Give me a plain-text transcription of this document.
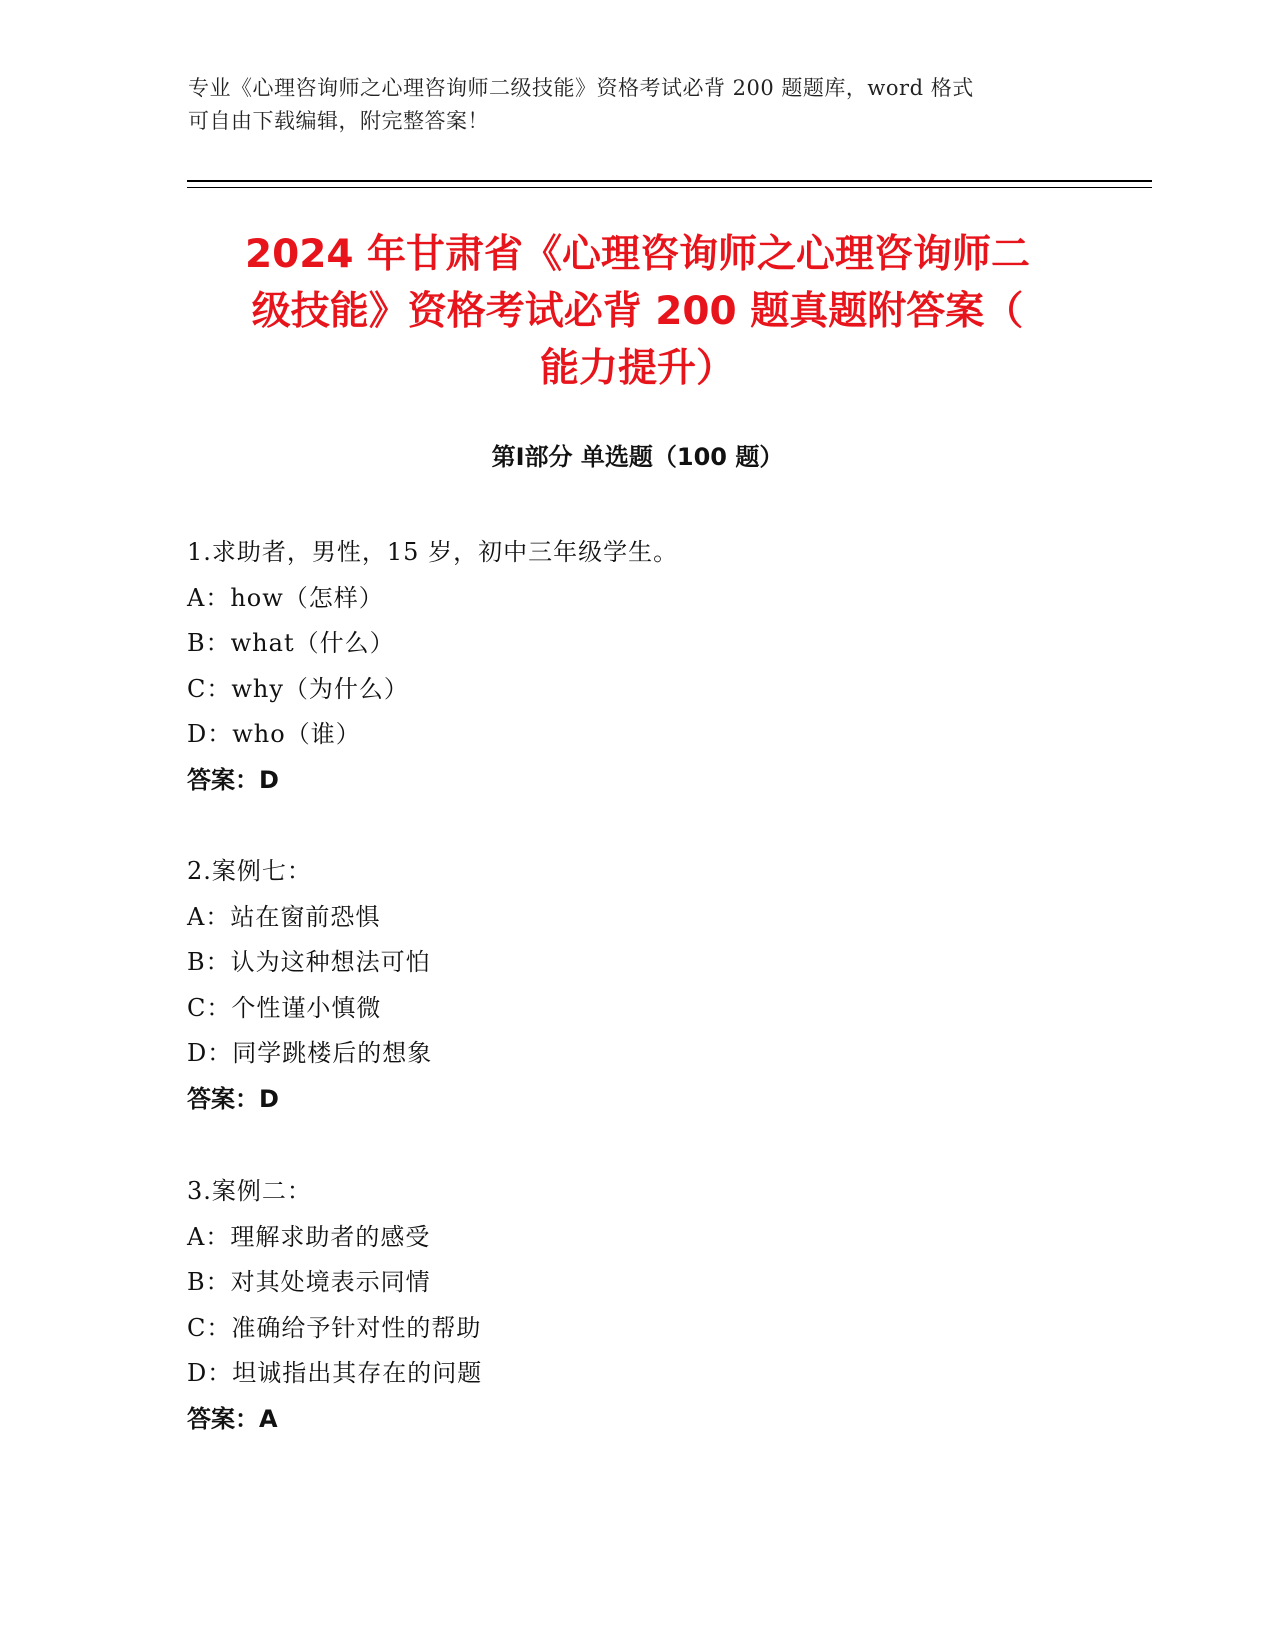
专业《心理咨询师之心理咨询师二级技能》资格考试必背 200 题题库，word 格式
可自由下载编辑，附完整答案！
2024 年甘肃省《心理咨询师之心理咨询师二
级技能》资格考试必背 200 题真题附答案（
能力提升）
第Ⅰ部分 单选题（100 题）
1.求助者，男性，15 岁，初中三年级学生。
A：how（怎样）
B：what（什么）
C：why（为什么）
D：who（谁）
答案：D
2.案例七：
A：站在窗前恐惧
B：认为这种想法可怕
C：个性谨小慎微
D：同学跳楼后的想象
答案：D
3.案例二：
A：理解求助者的感受
B：对其处境表示同情
C：准确给予针对性的帮助
D：坦诚指出其存在的问题
答案：A
